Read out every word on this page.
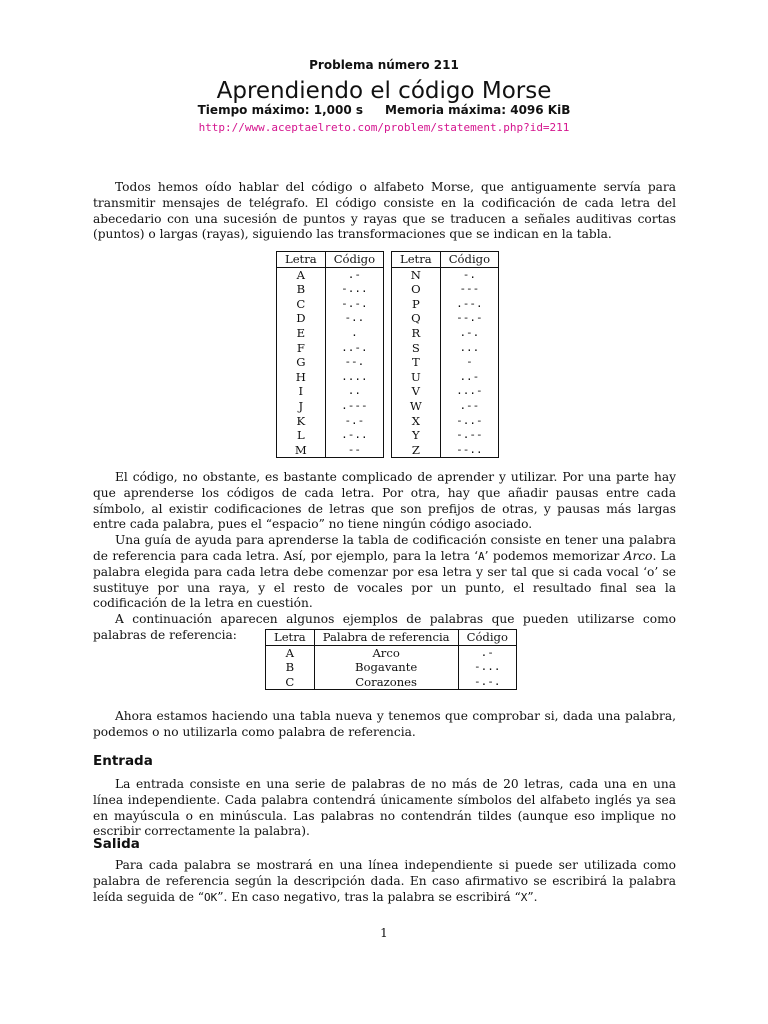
Problema número 211
Aprendiendo el código Morse
Tiempo máximo: 1,000 s Memoria máxima: 4096 KiB
http://www.aceptaelreto.com/problem/statement.php?id=211

Todos hemos oído hablar del código o alfabeto Morse, que antiguamente servía para transmitir mensajes de telégrafo. El código consiste en la codificación de cada letra del abecedario con una sucesión de puntos y rayas que se traducen a señales auditivas cortas (puntos) o largas (rayas), siguiendo las transformaciones que se indican en la tabla.

Letra	Código
A	.-
B	-...
C	-.-.
D	-..
E	.
F	..-.
G	--.
H	....
I	..
J	.---
K	-.-
L	.-..
M	--
Letra	Código
N	-.
O	---
P	.--.
Q	--.-
R	.-.
S	...
T	-
U	..-
V	...-
W	.--
X	-..-
Y	-.--
Z	--..

El código, no obstante, es bastante complicado de aprender y utilizar. Por una parte hay que aprenderse los códigos de cada letra. Por otra, hay que añadir pausas entre cada símbolo, al existir codificaciones de letras que son prefijos de otras, y pausas más largas entre cada palabra, pues el “espacio” no tiene ningún código asociado.

Una guía de ayuda para aprenderse la tabla de codificación consiste en tener una palabra de referencia para cada letra. Así, por ejemplo, para la letra ‘A’ podemos memorizar Arco. La palabra elegida para cada letra debe comenzar por esa letra y ser tal que si cada vocal ‘o’ se sustituye por una raya, y el resto de vocales por un punto, el resultado final sea la codificación de la letra en cuestión.

A continuación aparecen algunos ejemplos de palabras que pueden utilizarse como palabras de referencia:	Letra	Palabra de referencia	Código
A	Arco	.-
B	Bogavante	-...
C	Corazones	-.-.

Ahora estamos haciendo una tabla nueva y tenemos que comprobar si, dada una palabra, podemos o no utilizarla como palabra de referencia.

Entrada

La entrada consiste en una serie de palabras de no más de 20 letras, cada una en una línea independiente. Cada palabra contendrá únicamente símbolos del alfabeto inglés ya sea en mayúscula o en minúscula. Las palabras no contendrán tildes (aunque eso implique no escribir correctamente la palabra).

Salida

Para cada palabra se mostrará en una línea independiente si puede ser utilizada como palabra de referencia según la descripción dada. En caso afirmativo se escribirá la palabra leída seguida de “OK”. En caso negativo, tras la palabra se escribirá “X”.

1
